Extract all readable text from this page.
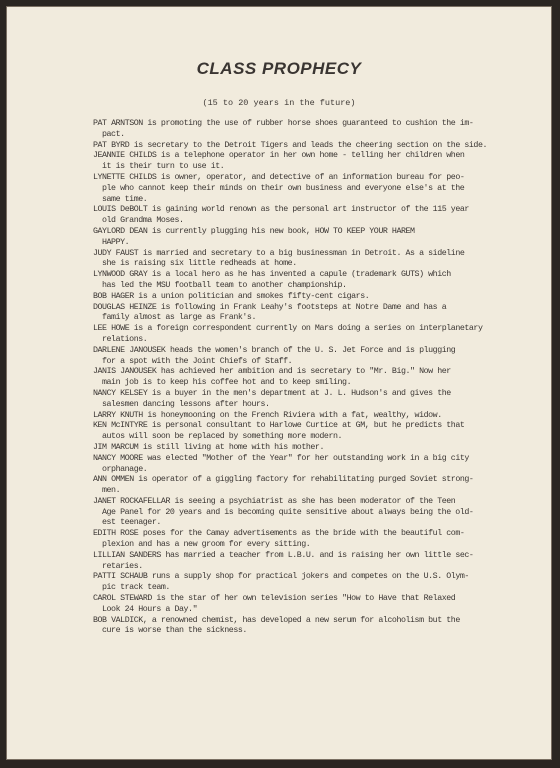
CLASS PROPHECY
(15 to 20 years in the future)

PAT ARNTSON is promoting the use of rubber horse shoes guaranteed to cushion the im-
pact.

PAT BYRD is secretary to the Detroit Tigers and leads the cheering section on the side.

JEANNIE CHILDS is a telephone operator in her own home - telling her children when
it is their turn to use it.

LYNETTE CHILDS is owner, operator, and detective of an information bureau for peo-
ple who cannot keep their minds on their own business and everyone else's at the
same time.

LOUIS DeBOLT is gaining world renown as the personal art instructor of the 115 year
old Grandma Moses.

GAYLORD DEAN is currently plugging his new book, HOW TO KEEP YOUR HAREM
HAPPY.

JUDY FAUST is married and secretary to a big businessman in Detroit. As a sideline
she is raising six little redheads at home.

LYNWOOD GRAY is a local hero as he has invented a capule (trademark GUTS) which
has led the MSU football team to another championship.

BOB HAGER is a union politician and smokes fifty-cent cigars.

DOUGLAS HEINZE is following in Frank Leahy's footsteps at Notre Dame and has a
family almost as large as Frank's.

LEE HOWE is a foreign correspondent currently on Mars doing a series on interplanetary
relations.

DARLENE JANOUSEK heads the women's branch of the U. S. Jet Force and is plugging
for a spot with the Joint Chiefs of Staff.

JANIS JANOUSEK has achieved her ambition and is secretary to "Mr. Big." Now her
main job is to keep his coffee hot and to keep smiling.

NANCY KELSEY is a buyer in the men's department at J. L. Hudson's and gives the
salesmen dancing lessons after hours.

LARRY KNUTH is honeymooning on the French Riviera with a fat, wealthy, widow.

KEN McINTYRE is personal consultant to Harlowe Curtice at GM, but he predicts that
autos will soon be replaced by something more modern.

JIM MARCUM is still living at home with his mother.

NANCY MOORE was elected "Mother of the Year" for her outstanding work in a big city
orphanage.

ANN OMMEN is operator of a giggling factory for rehabilitating purged Soviet strong-
men.

JANET ROCKAFELLAR is seeing a psychiatrist as she has been moderator of the Teen
Age Panel for 20 years and is becoming quite sensitive about always being the old-
est teenager.

EDITH ROSE poses for the Camay advertisements as the bride with the beautiful com-
plexion and has a new groom for every sitting.

LILLIAN SANDERS has married a teacher from L.B.U. and is raising her own little sec-
retaries.

PATTI SCHAUB runs a supply shop for practical jokers and competes on the U.S. Olym-
pic track team.

CAROL STEWARD is the star of her own television series "How to Have that Relaxed
Look 24 Hours a Day."

BOB VALDICK, a renowned chemist, has developed a new serum for alcoholism but the
cure is worse than the sickness.
